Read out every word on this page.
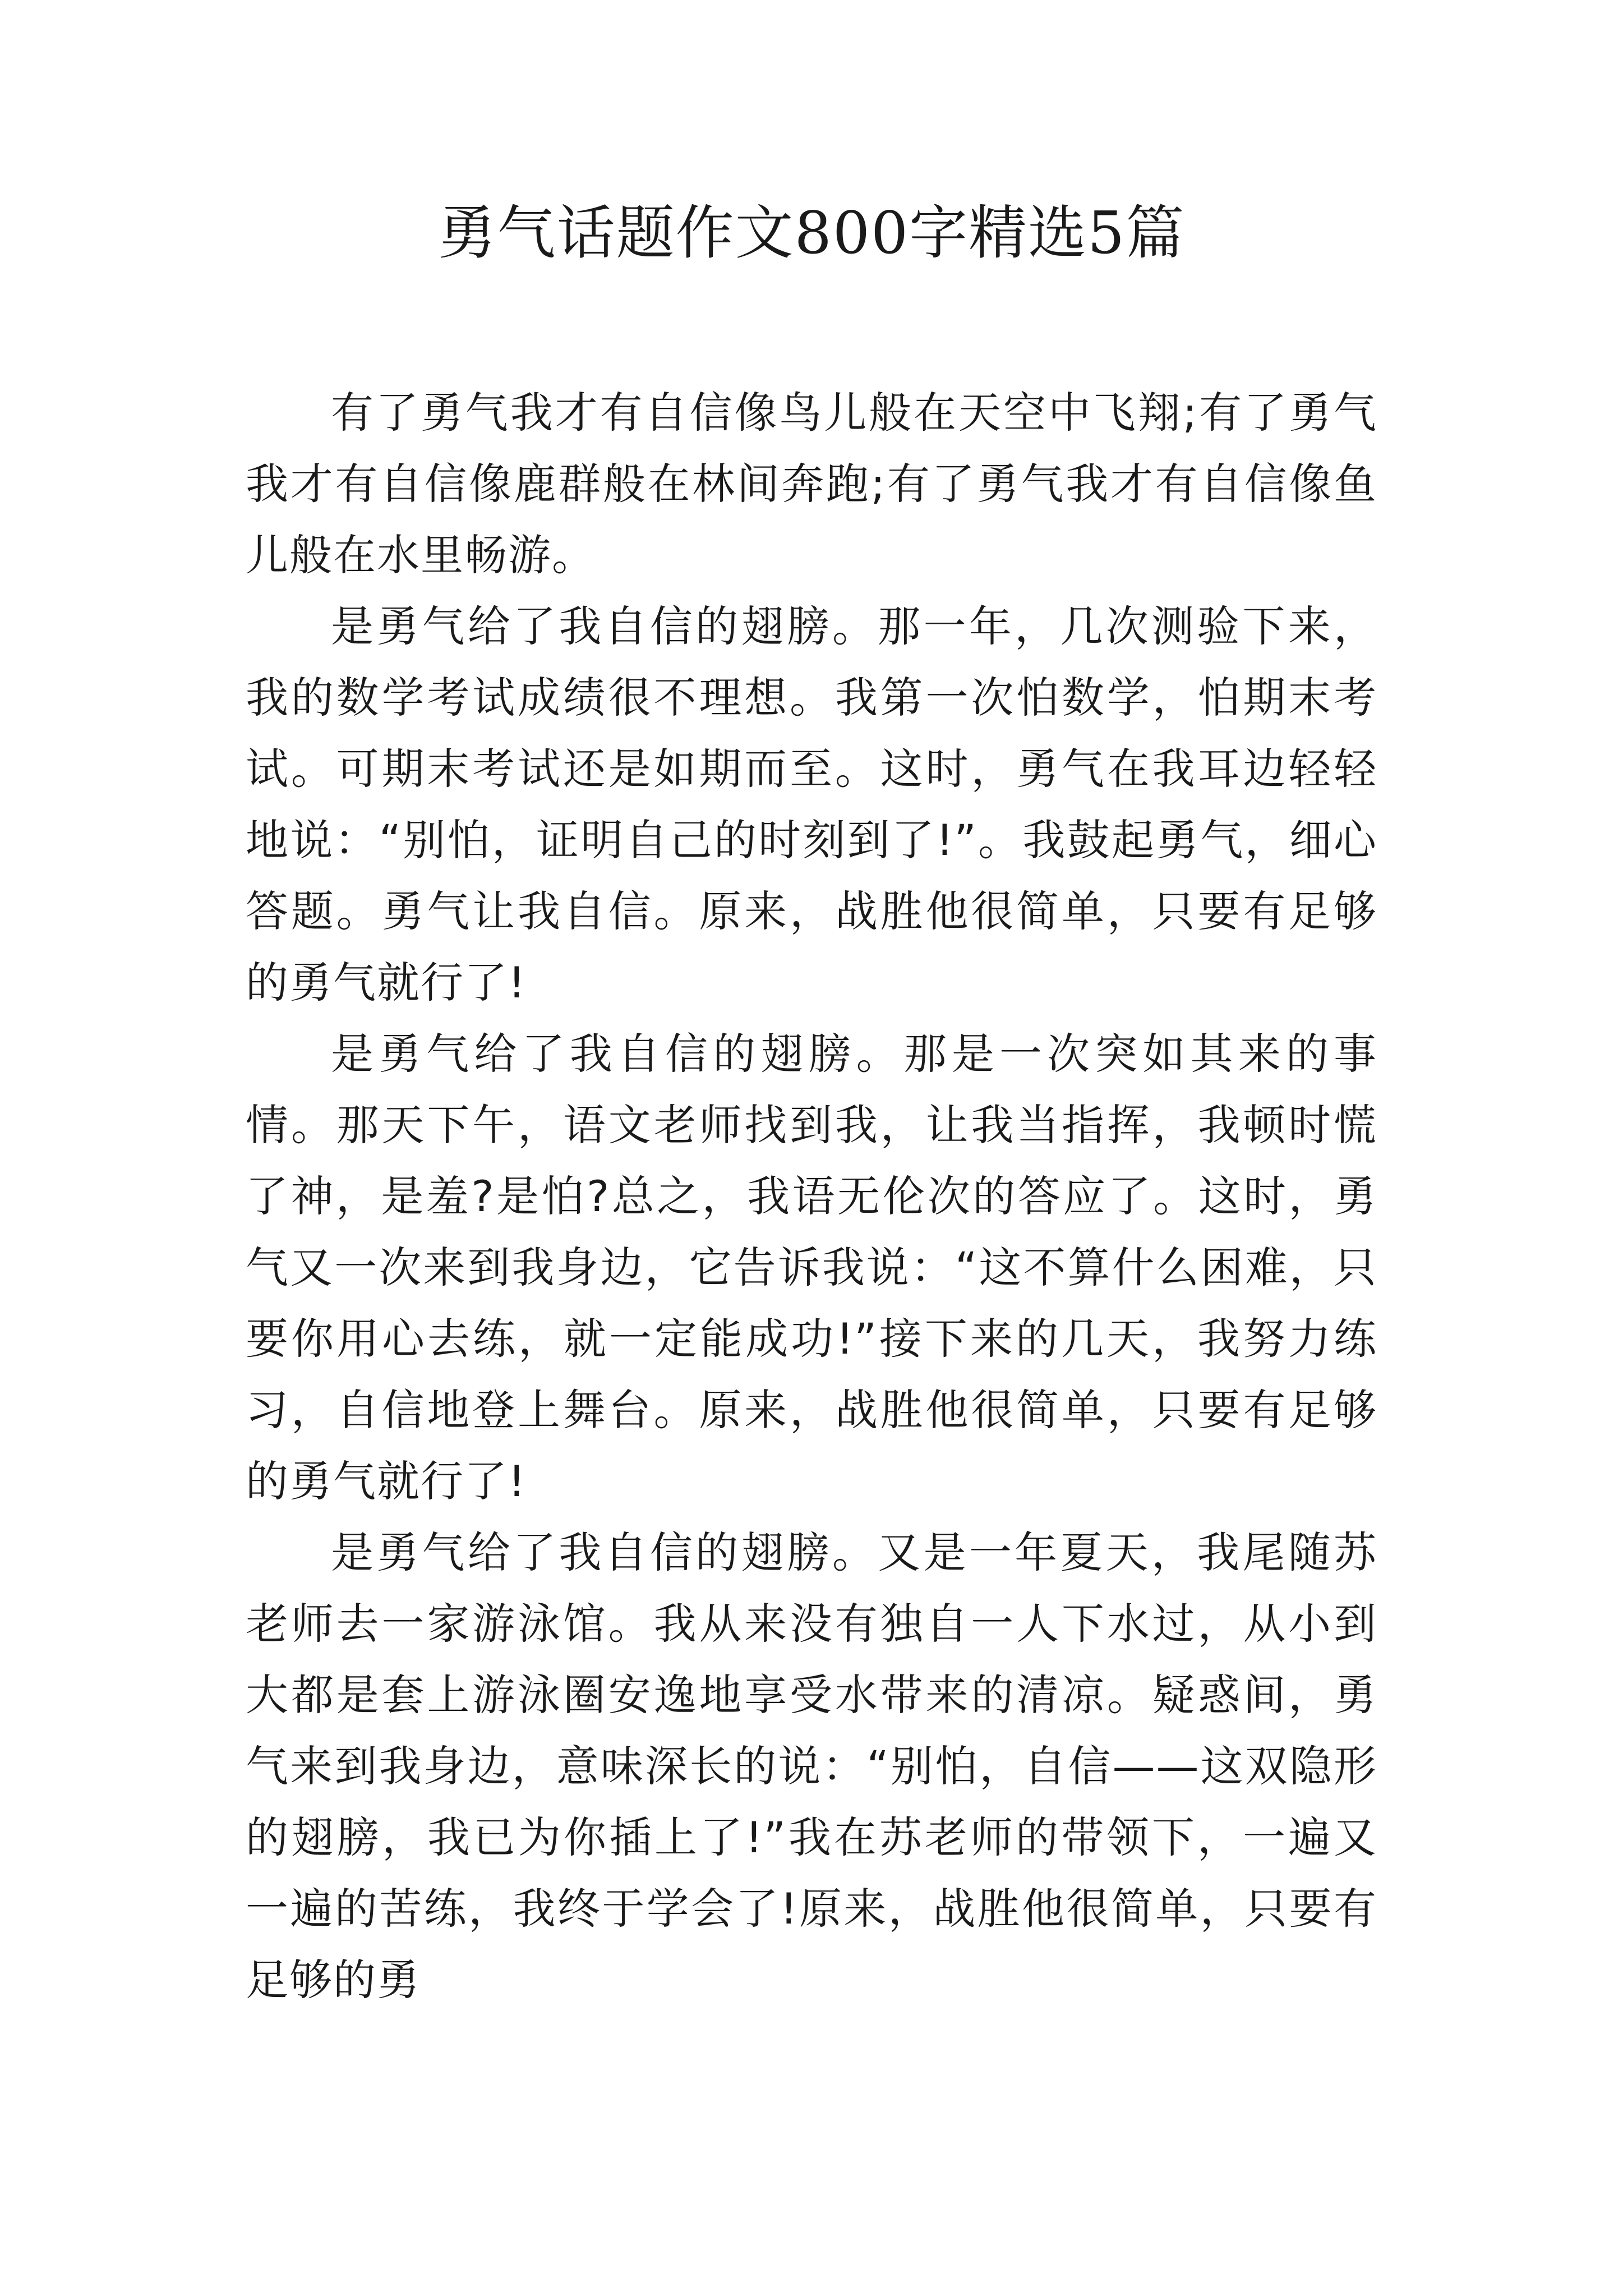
勇气话题作文800字精选5篇

有了勇气我才有自信像鸟儿般在天空中飞翔;有了勇气我才有自信像鹿群般在林间奔跑;有了勇气我才有自信像鱼儿般在水里畅游。

是勇气给了我自信的翅膀。那一年，几次测验下来，我的数学考试成绩很不理想。我第一次怕数学，怕期末考试。可期末考试还是如期而至。这时，勇气在我耳边轻轻地说：“别怕，证明自己的时刻到了!”。我鼓起勇气，细心答题。勇气让我自信。原来，战胜他很简单，只要有足够的勇气就行了!

是勇气给了我自信的翅膀。那是一次突如其来的事情。那天下午，语文老师找到我，让我当指挥，我顿时慌了神，是羞?是怕?总之，我语无伦次的答应了。这时，勇气又一次来到我身边，它告诉我说：“这不算什么困难，只要你用心去练，就一定能成功!”接下来的几天，我努力练习，自信地登上舞台。原来，战胜他很简单，只要有足够的勇气就行了!

是勇气给了我自信的翅膀。又是一年夏天，我尾随苏老师去一家游泳馆。我从来没有独自一人下水过，从小到大都是套上游泳圈安逸地享受水带来的清凉。疑惑间，勇气来到我身边，意味深长的说：“别怕，自信——这双隐形的翅膀，我已为你插上了!”我在苏老师的带领下，一遍又一遍的苦练，我终于学会了!原来，战胜他很简单，只要有足够的勇
